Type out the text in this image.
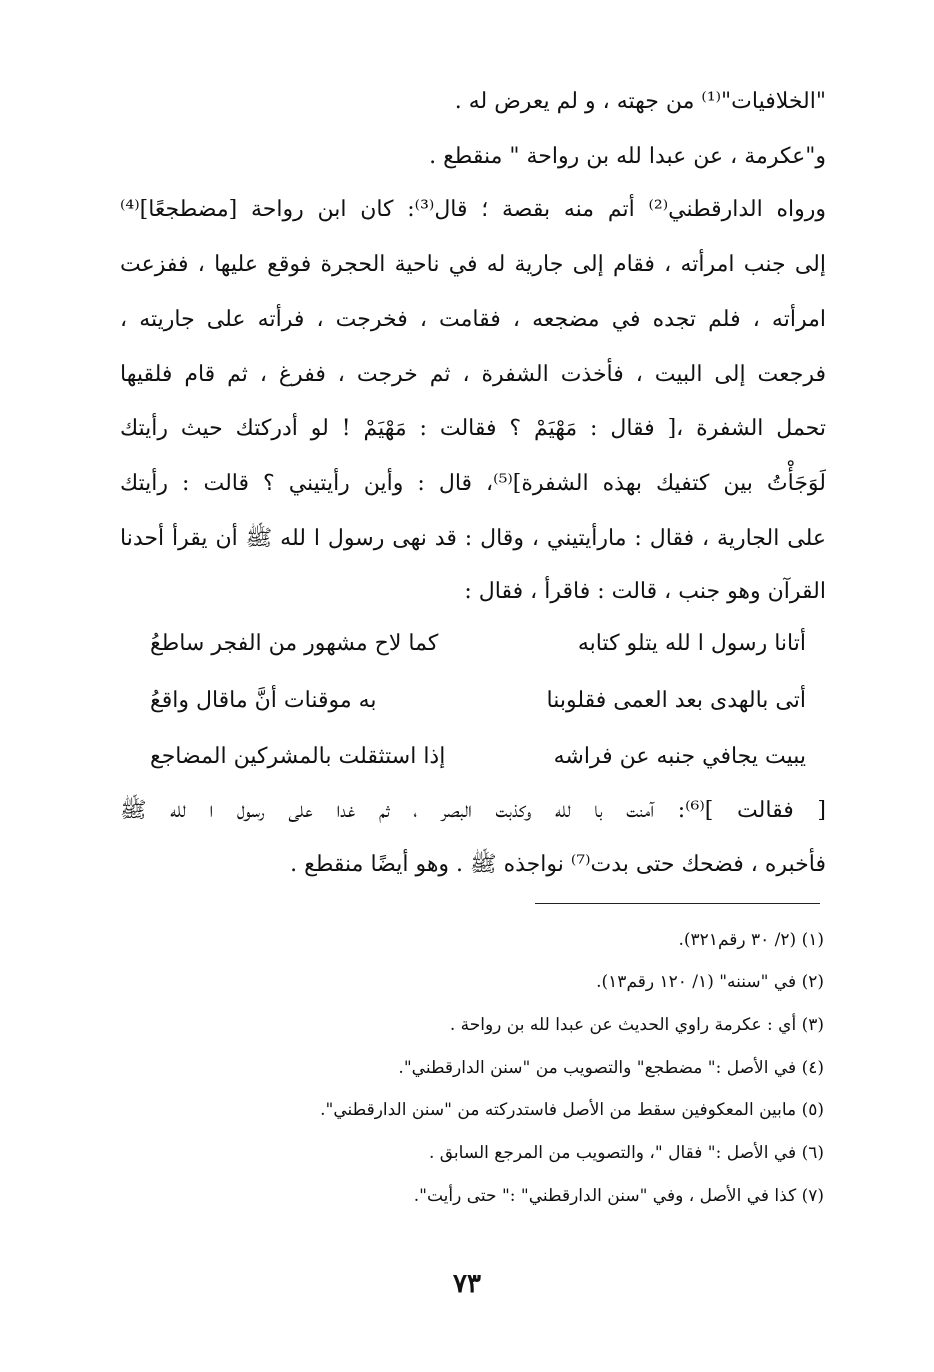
"الخلافيات"⁽¹⁾ من جهته ، و لم يعرض له .
و"عكرمة ، عن عبدا لله بن رواحة " منقطع .
ورواه الدارقطني⁽²⁾ أتم منه بقصة ؛ قال⁽³⁾: كان ابن رواحة [مضطجعًا]⁽⁴⁾
إلى جنب امرأته ، فقام إلى جارية له في ناحية الحجرة فوقع عليها ، ففزعت
امرأته ، فلم تجده في مضجعه ، فقامت ، فخرجت ، فرأته على جاريته ،
فرجعت إلى البيت ، فأخذت الشفرة ، ثم خرجت ، ففرغ ، ثم قام فلقيها
تحمل الشفرة ،[ فقال : مَهْيَمْ ؟ فقالت : مَهْيَمْ ! لو أدركتك حيث رأيتك
لَوَجَأْتُ بين كتفيك بهذه الشفرة]⁽⁵⁾، قال : وأين رأيتيني ؟ قالت : رأيتك
على الجارية ، فقال : مارأيتيني ، وقال : قد نهى رسول ا لله ﷺ أن يقرأ أحدنا
القرآن وهو جنب ، قالت : فاقرأ ، فقال :
أتانا رسول ا لله يتلو كتابه
كما لاح مشهور من الفجر ساطعُ
أتى بالهدى بعد العمى فقلوبنا
به موقنات أنَّ ماقال واقعُ
يبيت يجافي جنبه عن فراشه
إذا استثقلت بالمشركين المضاجع
[ فقالت ]⁽⁶⁾: آمنت با لله وكذبت البصر ، ثم غدا على رسول ا لله ﷺ
فأخبره ، فضحك حتى بدت⁽⁷⁾ نواجذه ﷺ . وهو أيضًا منقطع .
(١) (٢/ ٣٠ رقم٣٢١).
(٢) في "سننه" (١/ ١٢٠ رقم١٣).
(٣) أي : عكرمة راوي الحديث عن عبدا لله بن رواحة .
(٤) في الأصل :" مضطجع" والتصويب من "سنن الدارقطني".
(٥) مابين المعكوفين سقط من الأصل فاستدركته من "سنن الدارقطني".
(٦) في الأصل :" فقال "، والتصويب من المرجع السابق .
(٧) كذا في الأصل ، وفي "سنن الدارقطني" :" حتى رأيت".
٧٣
